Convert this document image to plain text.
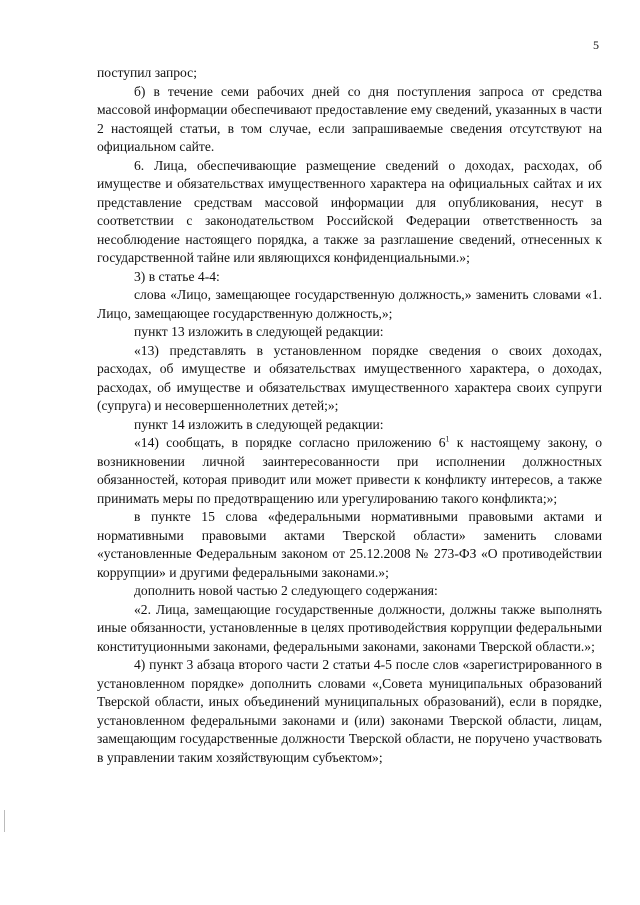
5

поступил запрос;

б) в течение семи рабочих дней со дня поступления запроса от средства массовой информации обеспечивают предоставление ему сведений, указанных в части 2 настоящей статьи, в том случае, если запрашиваемые сведения отсутствуют на официальном сайте.

6. Лица, обеспечивающие размещение сведений о доходах, расходах, об имуществе и обязательствах имущественного характера на официальных сайтах и их представление средствам массовой информации для опубликования, несут в соответствии с законодательством Российской Федерации ответственность за несоблюдение настоящего порядка, а также за разглашение сведений, отнесенных к государственной тайне или являющихся конфиденциальными.»;

3) в статье 4-4:

слова «Лицо, замещающее государственную должность,» заменить словами «1. Лицо, замещающее государственную должность,»;

пункт 13 изложить в следующей редакции:

«13) представлять в установленном порядке сведения о своих доходах, расходах, об имуществе и обязательствах имущественного характера, о доходах, расходах, об имуществе и обязательствах имущественного характера своих супруги (супруга) и несовершеннолетних детей;»;

пункт 14 изложить в следующей редакции:

«14) сообщать, в порядке согласно приложению $6^1$ к настоящему закону, о возникновении личной заинтересованности при исполнении должностных обязанностей, которая приводит или может привести к конфликту интересов, а также принимать меры по предотвращению или урегулированию такого конфликта;»;

в пункте 15 слова «федеральными нормативными правовыми актами и нормативными правовыми актами Тверской области» заменить словами «установленные Федеральным законом от 25.12.2008 № 273-ФЗ «О противодействии коррупции» и другими федеральными законами.»;

дополнить новой частью 2 следующего содержания:

«2. Лица, замещающие государственные должности, должны также выполнять иные обязанности, установленные в целях противодействия коррупции федеральными конституционными законами, федеральными законами, законами Тверской области.»;

4) пункт 3 абзаца второго части 2 статьи 4-5 после слов «зарегистрированного в установленном порядке» дополнить словами «,Совета муниципальных образований Тверской области, иных объединений муниципальных образований), если в порядке, установленном федеральными законами и (или) законами Тверской области, лицам, замещающим государственные должности Тверской области, не поручено участвовать в управлении таким хозяйствующим субъектом»;
